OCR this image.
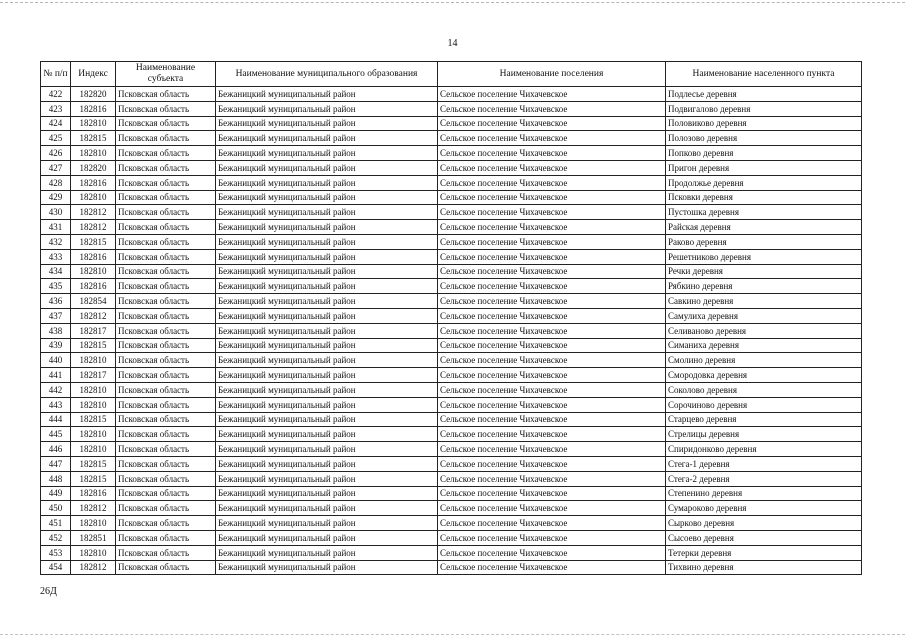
14
№ п/п	Индекс	Наименование субъекта	Наименование муниципального образования	Наименование поселения	Наименование населенного пункта
422	182820	Псковская область	Бежаницкий муниципальный район	Сельское поселение Чихачевское	Подлесье деревня
423	182816	Псковская область	Бежаницкий муниципальный район	Сельское поселение Чихачевское	Подвигалово деревня
424	182810	Псковская область	Бежаницкий муниципальный район	Сельское поселение Чихачевское	Половиково деревня
425	182815	Псковская область	Бежаницкий муниципальный район	Сельское поселение Чихачевское	Полозово деревня
426	182810	Псковская область	Бежаницкий муниципальный район	Сельское поселение Чихачевское	Попково деревня
427	182820	Псковская область	Бежаницкий муниципальный район	Сельское поселение Чихачевское	Пригон деревня
428	182816	Псковская область	Бежаницкий муниципальный район	Сельское поселение Чихачевское	Продолжье деревня
429	182810	Псковская область	Бежаницкий муниципальный район	Сельское поселение Чихачевское	Псковки деревня
430	182812	Псковская область	Бежаницкий муниципальный район	Сельское поселение Чихачевское	Пустошка деревня
431	182812	Псковская область	Бежаницкий муниципальный район	Сельское поселение Чихачевское	Райская деревня
432	182815	Псковская область	Бежаницкий муниципальный район	Сельское поселение Чихачевское	Раково деревня
433	182816	Псковская область	Бежаницкий муниципальный район	Сельское поселение Чихачевское	Решетниково деревня
434	182810	Псковская область	Бежаницкий муниципальный район	Сельское поселение Чихачевское	Речки деревня
435	182816	Псковская область	Бежаницкий муниципальный район	Сельское поселение Чихачевское	Рябкино деревня
436	182854	Псковская область	Бежаницкий муниципальный район	Сельское поселение Чихачевское	Савкино деревня
437	182812	Псковская область	Бежаницкий муниципальный район	Сельское поселение Чихачевское	Самулиха деревня
438	182817	Псковская область	Бежаницкий муниципальный район	Сельское поселение Чихачевское	Селиваново деревня
439	182815	Псковская область	Бежаницкий муниципальный район	Сельское поселение Чихачевское	Симаниха деревня
440	182810	Псковская область	Бежаницкий муниципальный район	Сельское поселение Чихачевское	Смолино деревня
441	182817	Псковская область	Бежаницкий муниципальный район	Сельское поселение Чихачевское	Смородовка деревня
442	182810	Псковская область	Бежаницкий муниципальный район	Сельское поселение Чихачевское	Соколово деревня
443	182810	Псковская область	Бежаницкий муниципальный район	Сельское поселение Чихачевское	Сорочиново деревня
444	182815	Псковская область	Бежаницкий муниципальный район	Сельское поселение Чихачевское	Старцево деревня
445	182810	Псковская область	Бежаницкий муниципальный район	Сельское поселение Чихачевское	Стрелицы деревня
446	182810	Псковская область	Бежаницкий муниципальный район	Сельское поселение Чихачевское	Спиридонково деревня
447	182815	Псковская область	Бежаницкий муниципальный район	Сельское поселение Чихачевское	Стега-1 деревня
448	182815	Псковская область	Бежаницкий муниципальный район	Сельское поселение Чихачевское	Стега-2 деревня
449	182816	Псковская область	Бежаницкий муниципальный район	Сельское поселение Чихачевское	Степенино деревня
450	182812	Псковская область	Бежаницкий муниципальный район	Сельское поселение Чихачевское	Сумароково деревня
451	182810	Псковская область	Бежаницкий муниципальный район	Сельское поселение Чихачевское	Сырково деревня
452	182851	Псковская область	Бежаницкий муниципальный район	Сельское поселение Чихачевское	Сысоево деревня
453	182810	Псковская область	Бежаницкий муниципальный район	Сельское поселение Чихачевское	Тетерки деревня
454	182812	Псковская область	Бежаницкий муниципальный район	Сельское поселение Чихачевское	Тихвино деревня
26Д
